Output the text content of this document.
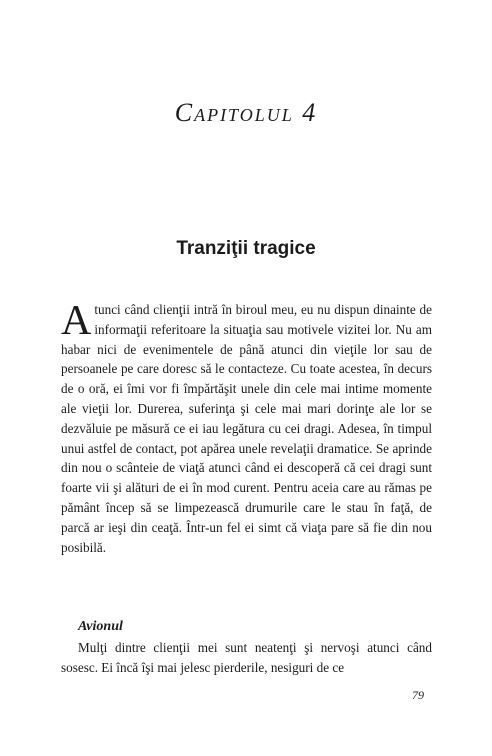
Capitolul 4
Tranziţii tragice
A tunci când clienţii intră în biroul meu, eu nu dispun dinainte de informaţii referitoare la situaţia sau motivele vizitei lor. Nu am habar nici de evenimentele de până atunci din vieţile lor sau de persoanele pe care doresc să le contacteze. Cu toate acestea, în decurs de o oră, ei îmi vor fi împărtăşit unele din cele mai intime momente ale vieţii lor. Durerea, suferinţa şi cele mai mari dorinţe ale lor se dezvăluie pe măsură ce ei iau legătura cu cei dragi. Adesea, în timpul unui astfel de contact, pot apărea unele revelaţii dramatice. Se aprinde din nou o scânteie de viaţă atunci când ei descoperă că cei dragi sunt foarte vii şi alături de ei în mod curent. Pentru aceia care au rămas pe pământ încep să se limpezească drumurile care le stau în faţă, de parcă ar ieşi din ceaţă. Într-un fel ei simt că viaţa pare să fie din nou posibilă.
Avionul
Mulţi dintre clienţii mei sunt neatenţi şi nervoşi atunci când sosesc. Ei încă îşi mai jelesc pierderile, nesiguri de ce
79
